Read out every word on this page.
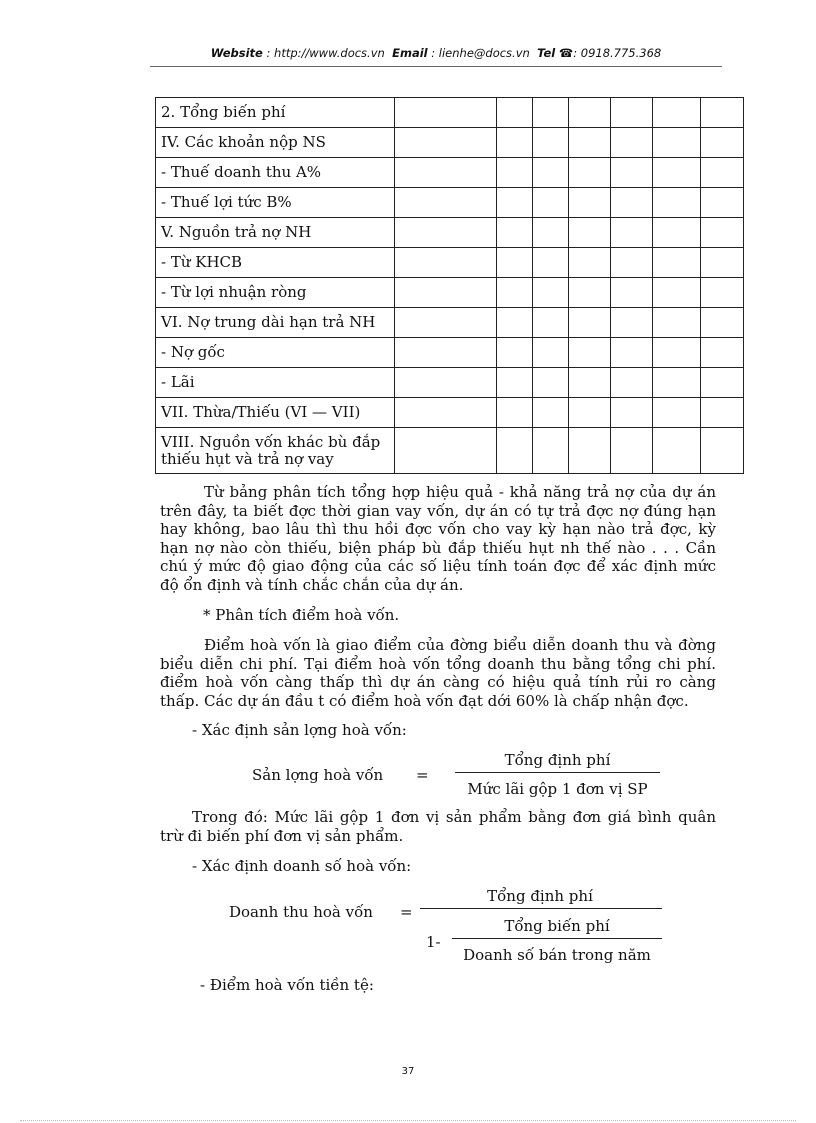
Website : http://www.docs.vn Email : lienhe@docs.vn Tel ☎: 0918.775.368
2. Tổng biến phí							
IV. Các khoản nộp NS							
- Thuế doanh thu A%							
- Thuế lợi tức B%							
V. Nguồn trả nợ NH							
- Từ KHCB							
- Từ lợi nhuận ròng							
VI. Nợ trung dài hạn trả NH							
- Nợ gốc							
- Lãi							
VII. Thừa/Thiếu (VI — VII)							
VIII. Nguồn vốn khác bù đắp thiếu hụt và trả nợ vay							
Từ bảng phân tích tổng hợp hiệu quả - khả năng trả nợ của dự án trên đây, ta biết đợc thời gian vay vốn, dự án có tự trả đợc nợ đúng hạn hay không, bao lâu thì thu hồi đợc vốn cho vay kỳ hạn nào trả đợc, kỳ hạn nợ nào còn thiếu, biện pháp bù đắp thiếu hụt nh thế nào . . . Cần chú ý mức độ giao động của các số liệu tính toán đợc để xác định mức độ ổn định và tính chắc chắn của dự án.
* Phân tích điểm hoà vốn.
Điểm hoà vốn là giao điểm của đờng biểu diễn doanh thu và đờng biểu diễn chi phí. Tại điểm hoà vốn tổng doanh thu bằng tổng chi phí. điểm hoà vốn càng thấp thì dự án càng có hiệu quả tính rủi ro càng thấp. Các dự án đầu t có điểm hoà vốn đạt dới 60% là chấp nhận đợc.
- Xác định sản lợng hoà vốn:
Sản lợng hoà vốn =
Tổng định phí
Mức lãi gộp 1 đơn vị SP
Trong đó: Mức lãi gộp 1 đơn vị sản phẩm bằng đơn giá bình quân trừ đi biến phí đơn vị sản phẩm.
- Xác định doanh số hoà vốn:
Doanh thu hoà vốn =
Tổng định phí
1-
Tổng biến phí
Doanh số bán trong năm
- Điểm hoà vốn tiền tệ:
37
